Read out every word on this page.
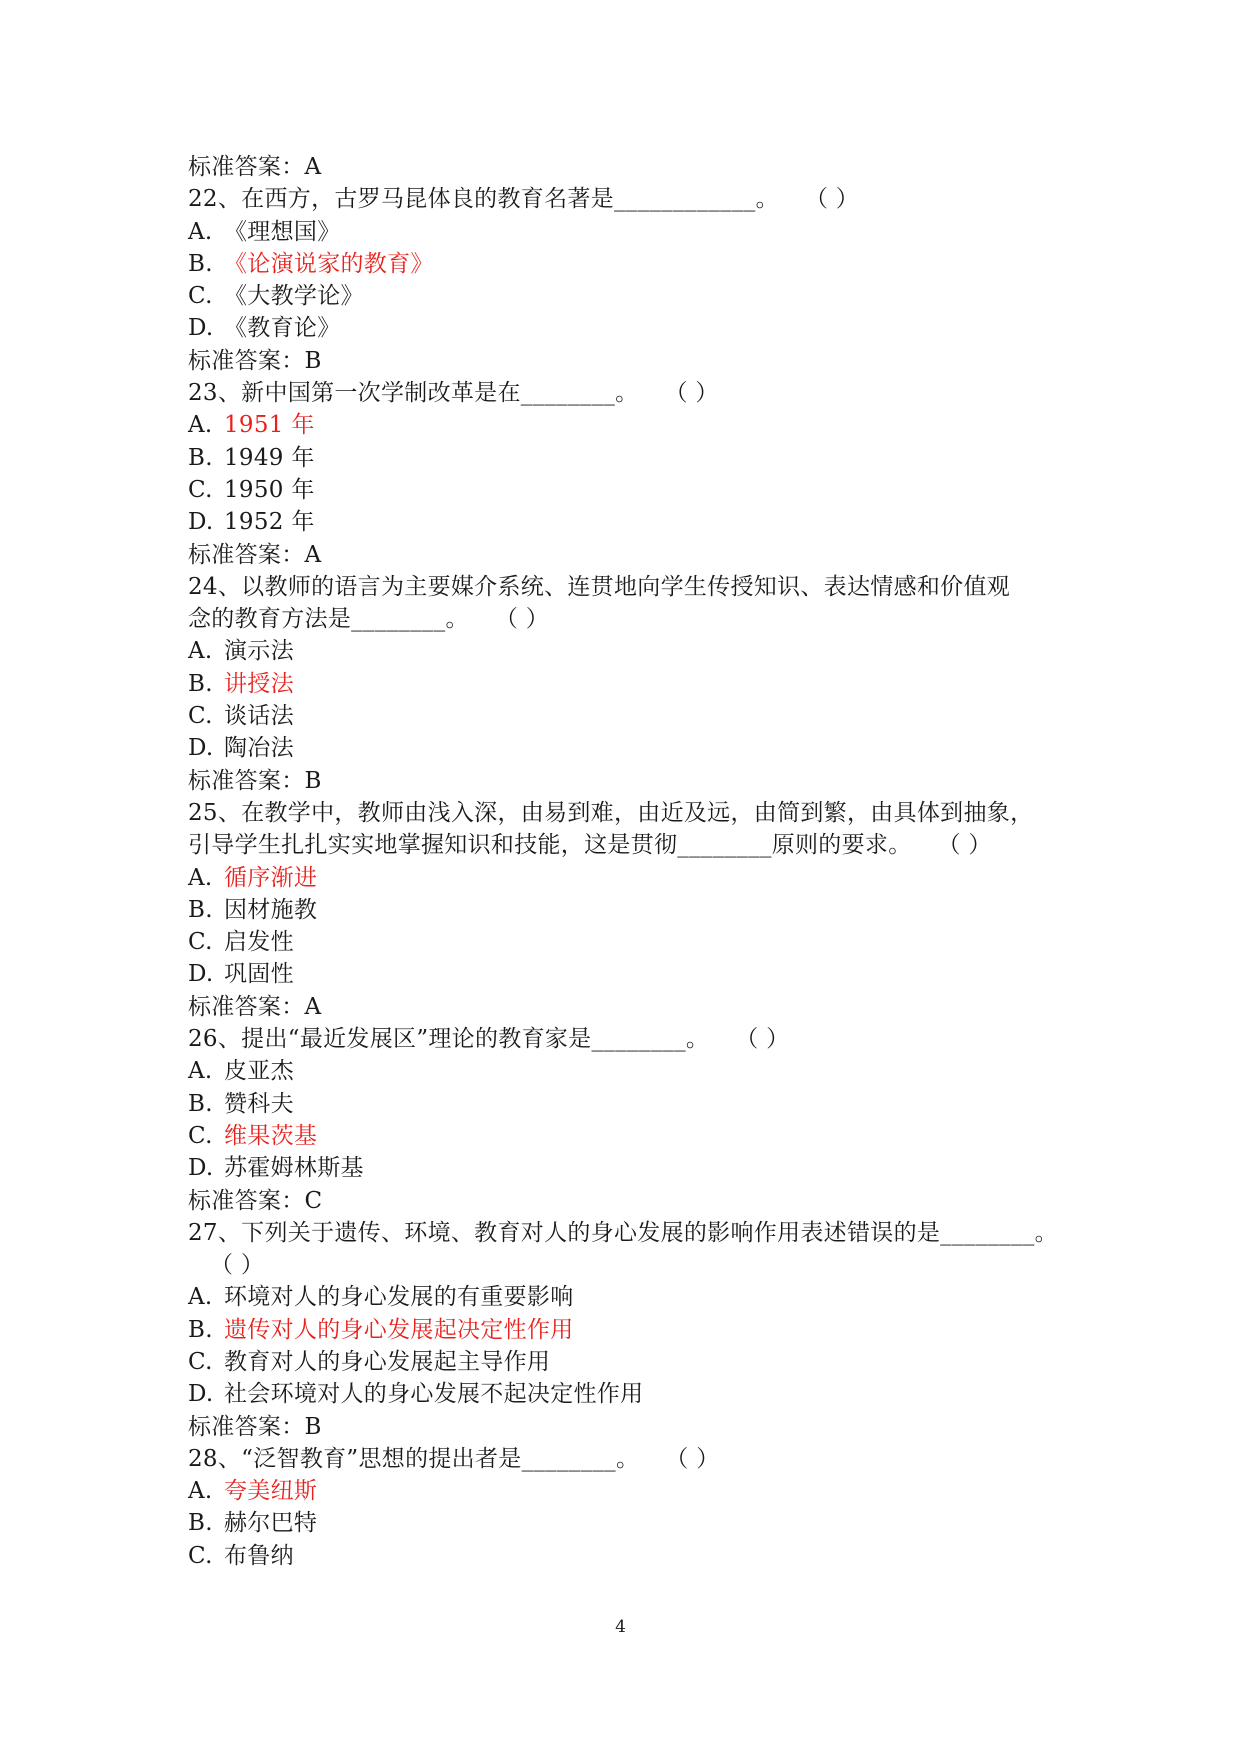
标准答案：A
22、在西方，古罗马昆体良的教育名著是____________。 （ ）
A. 《理想国》
B. 《论演说家的教育》
C. 《大教学论》
D. 《教育论》
标准答案：B
23、新中国第一次学制改革是在________。 （ ）
A. 1951 年
B. 1949 年
C. 1950 年
D. 1952 年
标准答案：A
24、以教师的语言为主要媒介系统、连贯地向学生传授知识、表达情感和价值观
念的教育方法是________。 （ ）
A. 演示法
B. 讲授法
C. 谈话法
D. 陶冶法
标准答案：B
25、在教学中，教师由浅入深，由易到难，由近及远，由简到繁，由具体到抽象，
引导学生扎扎实实地掌握知识和技能，这是贯彻________原则的要求。 （ ）
A. 循序渐进
B. 因材施教
C. 启发性
D. 巩固性
标准答案：A
26、提出“最近发展区”理论的教育家是________。 （ ）
A. 皮亚杰
B. 赞科夫
C. 维果茨基
D. 苏霍姆林斯基
标准答案：C
27、下列关于遗传、环境、教育对人的身心发展的影响作用表述错误的是________。
（ ）
A. 环境对人的身心发展的有重要影响
B. 遗传对人的身心发展起决定性作用
C. 教育对人的身心发展起主导作用
D. 社会环境对人的身心发展不起决定性作用
标准答案：B
28、“泛智教育”思想的提出者是________。 （ ）
A. 夸美纽斯
B. 赫尔巴特
C. 布鲁纳
4
